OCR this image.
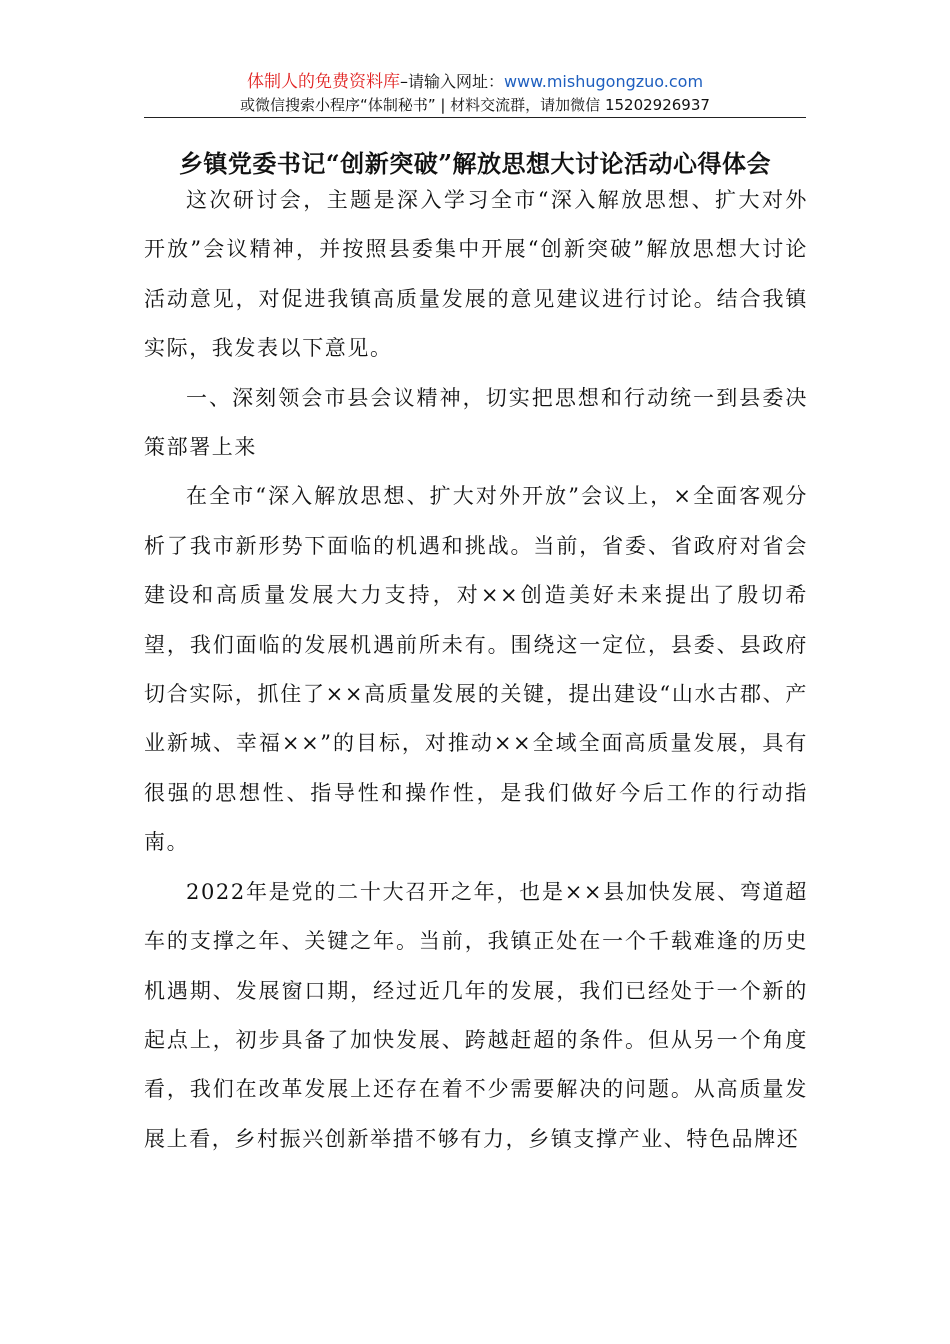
体制人的免费资料库–请输入网址：www.mishugongzuo.com
或微信搜索小程序“体制秘书” | 材料交流群，请加微信 15202926937
乡镇党委书记“创新突破”解放思想大讨论活动心得体会

这次研讨会，主题是深入学习全市“深入解放思想、扩大对外开放”会议精神，并按照县委集中开展“创新突破”解放思想大讨论活动意见，对促进我镇高质量发展的意见建议进行讨论。结合我镇实际，我发表以下意见。

一、深刻领会市县会议精神，切实把思想和行动统一到县委决策部署上来

在全市“深入解放思想、扩大对外开放”会议上，×全面客观分析了我市新形势下面临的机遇和挑战。当前，省委、省政府对省会建设和高质量发展大力支持，对××创造美好未来提出了殷切希望，我们面临的发展机遇前所未有。围绕这一定位，县委、县政府切合实际，抓住了××高质量发展的关键，提出建设“山水古郡、产业新城、幸福××”的目标，对推动××全域全面高质量发展，具有很强的思想性、指导性和操作性，是我们做好今后工作的行动指南。

2022年是党的二十大召开之年，也是××县加快发展、弯道超车的支撑之年、关键之年。当前，我镇正处在一个千载难逢的历史机遇期、发展窗口期，经过近几年的发展，我们已经处于一个新的起点上，初步具备了加快发展、跨越赶超的条件。但从另一个角度看，我们在改革发展上还存在着不少需要解决的问题。从高质量发展上看，乡村振兴创新举措不够有力，乡镇支撑产业、特色品牌还
